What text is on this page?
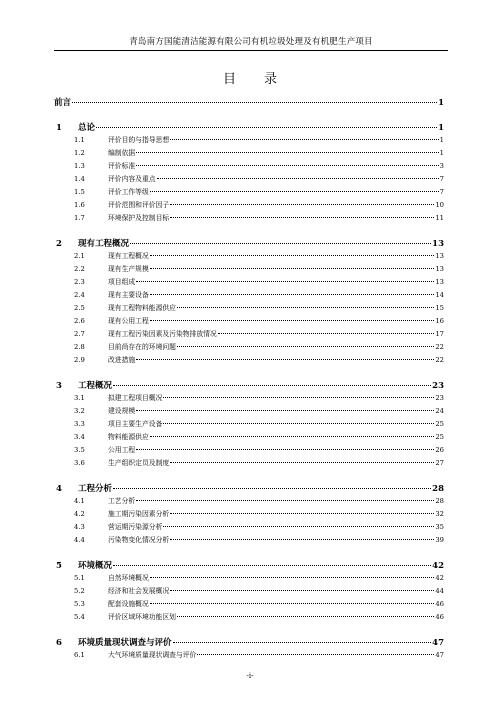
青岛南方国能清洁能源有限公司有机垃圾处理及有机肥生产项目
目录
前言	1
1	总论	1
1.1	评价目的与指导思想	1
1.2	编制依据	1
1.3	评价标准	3
1.4	评价内容及重点	7
1.5	评价工作等级	7
1.6	评价范围和评价因子	10
1.7	环境保护及控制目标	11
2	现有工程概况	13
2.1	现有工程概况	13
2.2	现有生产规模	13
2.3	项目组成	13
2.4	现有主要设备	14
2.5	现有工程物料能源供应	15
2.6	现有公用工程	16
2.7	现有工程污染因素及污染物排放情况	17
2.8	目前尚存在的环境问题	22
2.9	改进措施	22
3	工程概况	23
3.1	拟建工程项目概况	23
3.2	建设规模	24
3.3	项目主要生产设备	25
3.4	物料能源供应	25
3.5	公用工程	26
3.6	生产组织定员及制度	27
4	工程分析	28
4.1	工艺分析	28
4.2	施工期污染因素分析	32
4.3	营运期污染源分析	35
4.4	污染物变化情况分析	39
5	环境概况	42
5.1	自然环境概况	42
5.2	经济和社会发展概况	44
5.3	配套设施概况	46
5.4	评价区域环境功能区划	46
6	环境质量现状调查与评价	47
6.1	大气环境质量现状调查与评价	47
-i-
